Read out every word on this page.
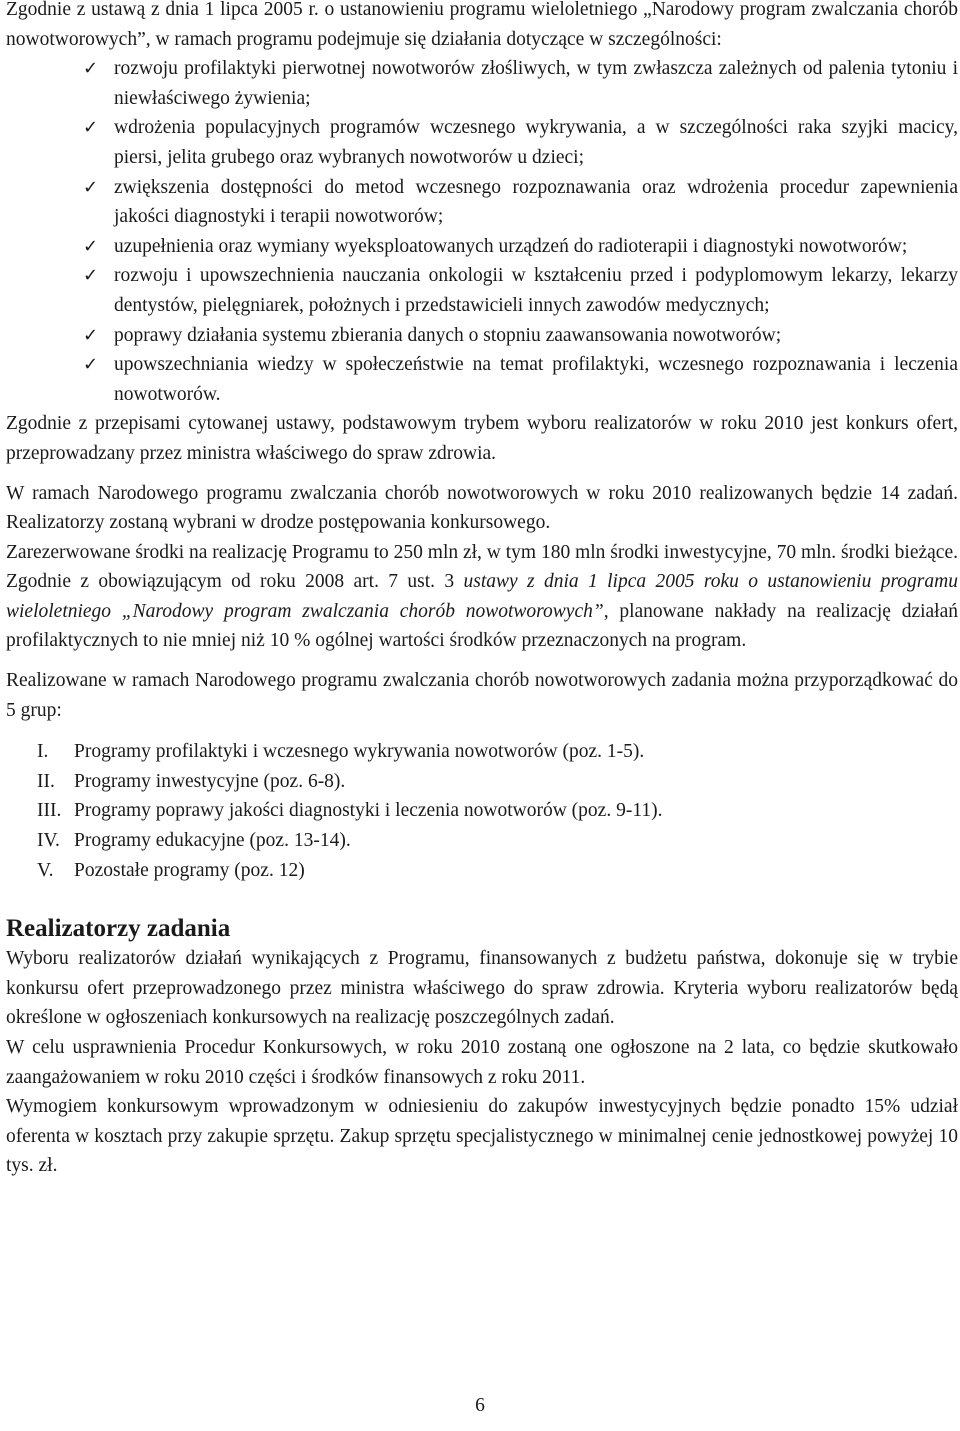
Zgodnie z ustawą z dnia 1 lipca 2005 r. o ustanowieniu programu wieloletniego „Narodowy program zwalczania chorób nowotworowych”, w ramach programu podejmuje się działania dotyczące w szczególności:

✓ rozwoju profilaktyki pierwotnej nowotworów złośliwych, w tym zwłaszcza zależnych od palenia tytoniu i niewłaściwego żywienia;
✓ wdrożenia populacyjnych programów wczesnego wykrywania, a w szczególności raka szyjki macicy, piersi, jelita grubego oraz wybranych nowotworów u dzieci;
✓ zwiększenia dostępności do metod wczesnego rozpoznawania oraz wdrożenia procedur zapewnienia jakości diagnostyki i terapii nowotworów;
✓ uzupełnienia oraz wymiany wyeksploatowanych urządzeń do radioterapii i diagnostyki nowotworów;
✓ rozwoju i upowszechnienia nauczania onkologii w kształceniu przed i podyplomowym lekarzy, lekarzy dentystów, pielęgniarek, położnych i przedstawicieli innych zawodów medycznych;
✓ poprawy działania systemu zbierania danych o stopniu zaawansowania nowotworów;
✓ upowszechniania wiedzy w społeczeństwie na temat profilaktyki, wczesnego rozpoznawania i leczenia nowotworów.

Zgodnie z przepisami cytowanej ustawy, podstawowym trybem wyboru realizatorów w roku 2010 jest konkurs ofert, przeprowadzany przez ministra właściwego do spraw zdrowia.

W ramach Narodowego programu zwalczania chorób nowotworowych w roku 2010 realizowanych będzie 14 zadań. Realizatorzy zostaną wybrani w drodze postępowania konkursowego.

Zarezerwowane środki na realizację Programu to 250 mln zł, w tym 180 mln środki inwestycyjne, 70 mln. środki bieżące.

Zgodnie z obowiązującym od roku 2008 art. 7 ust. 3 ustawy z dnia 1 lipca 2005 roku o ustanowieniu programu wieloletniego „Narodowy program zwalczania chorób nowotworowych”, planowane nakłady na realizację działań profilaktycznych to nie mniej niż 10 % ogólnej wartości środków przeznaczonych na program.

Realizowane w ramach Narodowego programu zwalczania chorób nowotworowych zadania można przyporządkować do 5 grup:

I. Programy profilaktyki i wczesnego wykrywania nowotworów (poz. 1-5).
II. Programy inwestycyjne (poz. 6-8).
III. Programy poprawy jakości diagnostyki i leczenia nowotworów (poz. 9-11).
IV. Programy edukacyjne (poz. 13-14).
V. Pozostałe programy (poz. 12)
Realizatorzy zadania

Wyboru realizatorów działań wynikających z Programu, finansowanych z budżetu państwa, dokonuje się w trybie konkursu ofert przeprowadzonego przez ministra właściwego do spraw zdrowia. Kryteria wyboru realizatorów będą określone w ogłoszeniach konkursowych na realizację poszczególnych zadań.

W celu usprawnienia Procedur Konkursowych, w roku 2010 zostaną one ogłoszone na 2 lata, co będzie skutkowało zaangażowaniem w roku 2010 części i środków finansowych z roku 2011.

Wymogiem konkursowym wprowadzonym w odniesieniu do zakupów inwestycyjnych będzie ponadto 15% udział oferenta w kosztach przy zakupie sprzętu. Zakup sprzętu specjalistycznego w minimalnej cenie jednostkowej powyżej 10 tys. zł.

6
